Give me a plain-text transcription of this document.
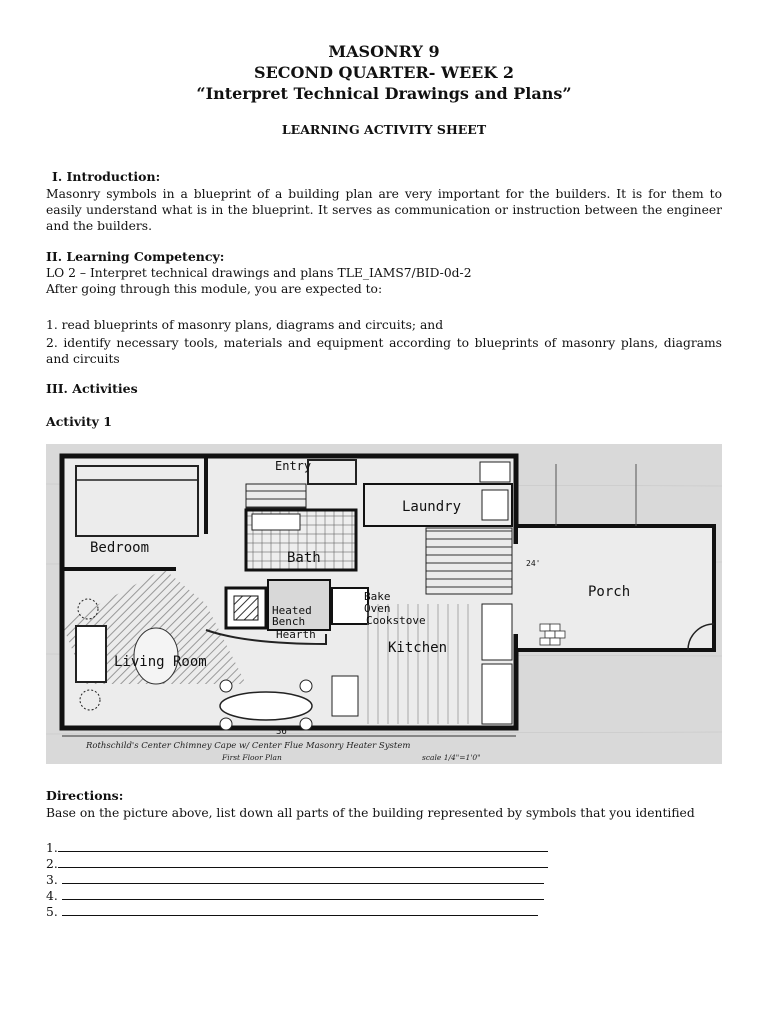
MASONRY 9
SECOND QUARTER- WEEK 2
“Interpret Technical Drawings and Plans”
LEARNING ACTIVITY SHEET
I. Introduction:
Masonry symbols in a blueprint of a building plan are very important for the builders. It is for them to easily understand what is in the blueprint. It serves as communication or instruction between the engineer and the builders.
II. Learning Competency:
LO 2 – Interpret technical drawings and plans TLE_IAMS7/BID-0d-2
After going through this module, you are expected to:
1. read blueprints of masonry plans, diagrams and circuits; and
2. identify necessary tools, materials and equipment according to blueprints of masonry plans, diagrams and circuits
III. Activities
Activity 1
Entry
Laundry
Bedroom
Bath
Porch
Bake
Oven
Cookstove
Heated
Bench
Hearth
Kitchen
Living Room
36'
24'
Rothschild's Center Chimney Cape w/ Center Flue Masonry Heater System
First Floor Plan	scale 1/4"=1'0"
Directions:
Base on the picture above, list down all parts of the building represented by symbols that you identified
1.
2.
3.
4.
5.
